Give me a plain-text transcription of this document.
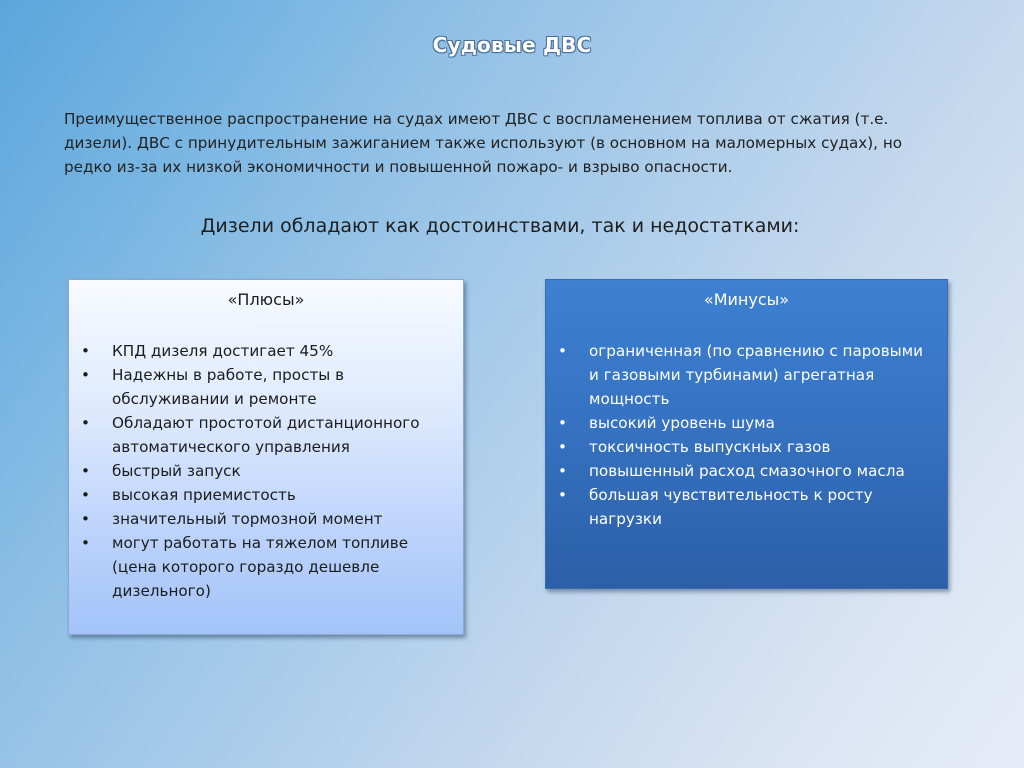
Судовые ДВС
Преимущественное распространение на судах имеют ДВС с воспламенением топлива от сжатия (т.е. дизели). ДВС с принудительным зажиганием также используют (в основном на маломерных судах), но редко из-за их низкой экономичности и повышенной пожаро- и взрыво опасности.
Дизели обладают как достоинствами, так и недостатками:
«Плюсы»
• КПД дизеля достигает 45%
• Надежны в работе, просты в обслуживании и ремонте
• Обладают простотой дистанционного автоматического управления
• быстрый запуск
• высокая приемистость
• значительный тормозной момент
• могут работать на тяжелом топливе (цена которого гораздо дешевле дизельного)
«Минусы»
• ограниченная (по сравнению с паровыми и газовыми турбинами) агрегатная мощность
• высокий уровень шума
• токсичность выпускных газов
• повышенный расход смазочного масла
• большая чувствительность к росту нагрузки
